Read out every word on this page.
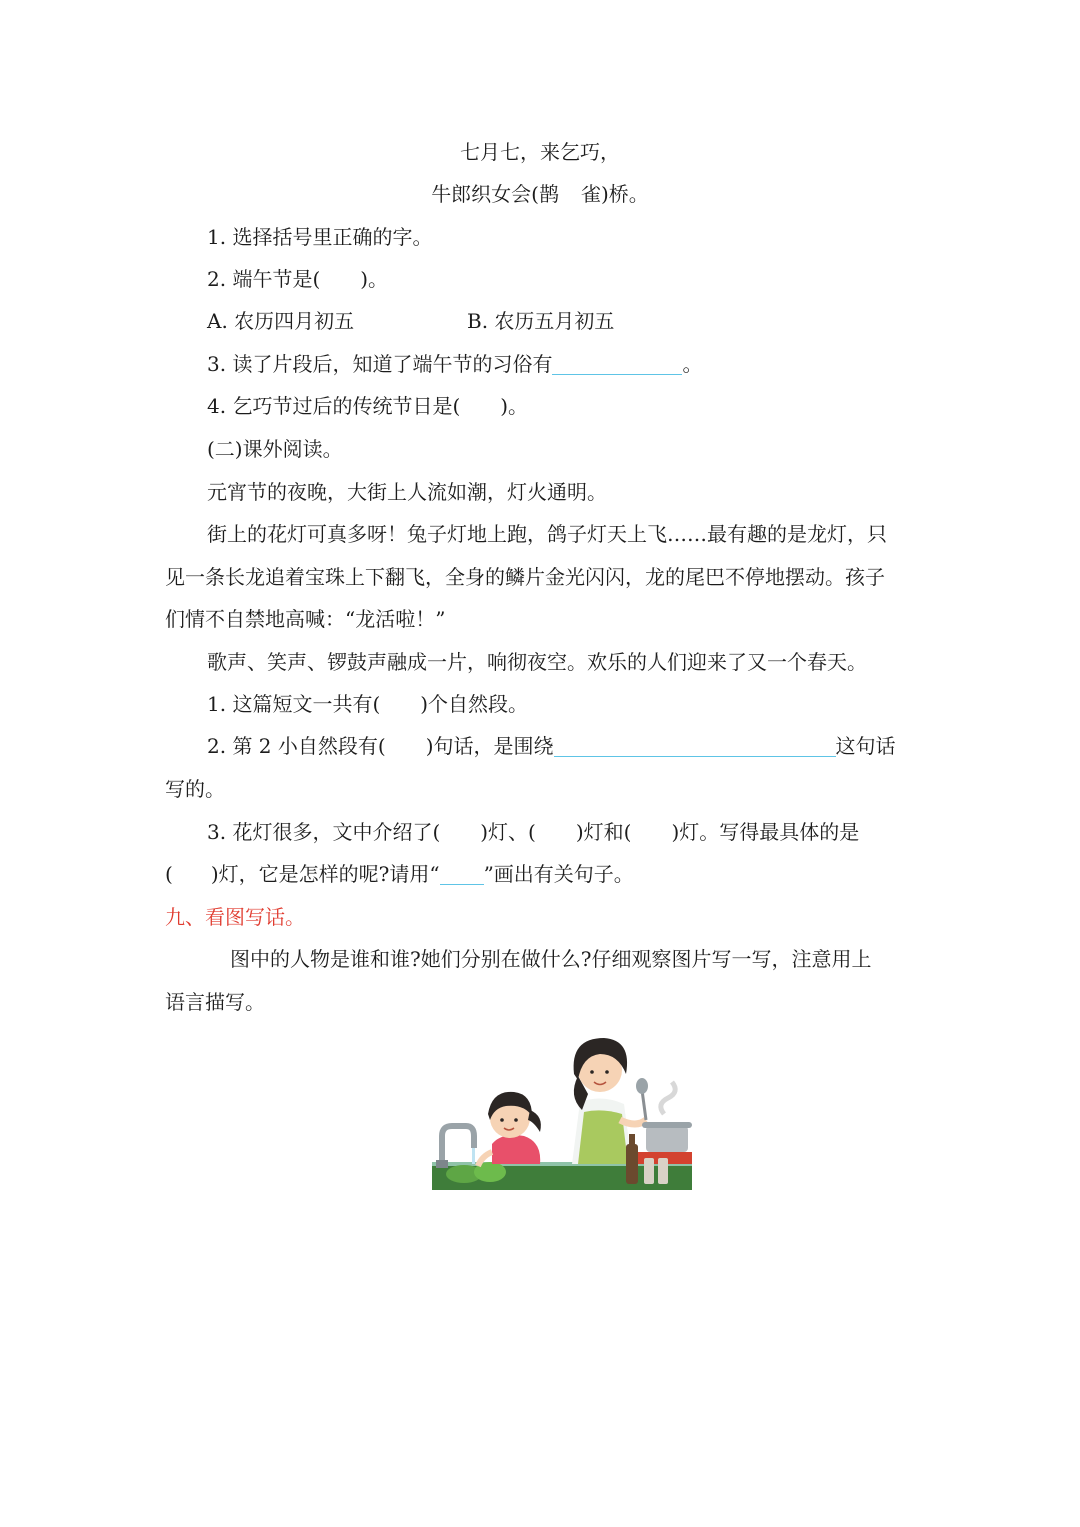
七月七，来乞巧，
牛郎织女会(鹊 雀)桥。
1. 选择括号里正确的字。
2. 端午节是( )。
A. 农历四月初五	B. 农历五月初五
3. 读了片段后，知道了端午节的习俗有	。
4. 乞巧节过后的传统节日是( )。
(二)课外阅读。
元宵节的夜晚，大街上人流如潮，灯火通明。
街上的花灯可真多呀！兔子灯地上跑，鸽子灯天上飞……最有趣的是龙灯，只
见一条长龙追着宝珠上下翻飞，全身的鳞片金光闪闪，龙的尾巴不停地摆动。孩子
们情不自禁地高喊：“龙活啦！”
歌声、笑声、锣鼓声融成一片，响彻夜空。欢乐的人们迎来了又一个春天。
1. 这篇短文一共有( )个自然段。
2. 第 2 小自然段有( )句话，是围绕	这句话
写的。
3. 花灯很多，文中介绍了( )灯、( )灯和( )灯。写得最具体的是
( )灯，它是怎样的呢?请用“ ”画出有关句子。
九、看图写话。
图中的人物是谁和谁?她们分别在做什么?仔细观察图片写一写，注意用上
语言描写。
